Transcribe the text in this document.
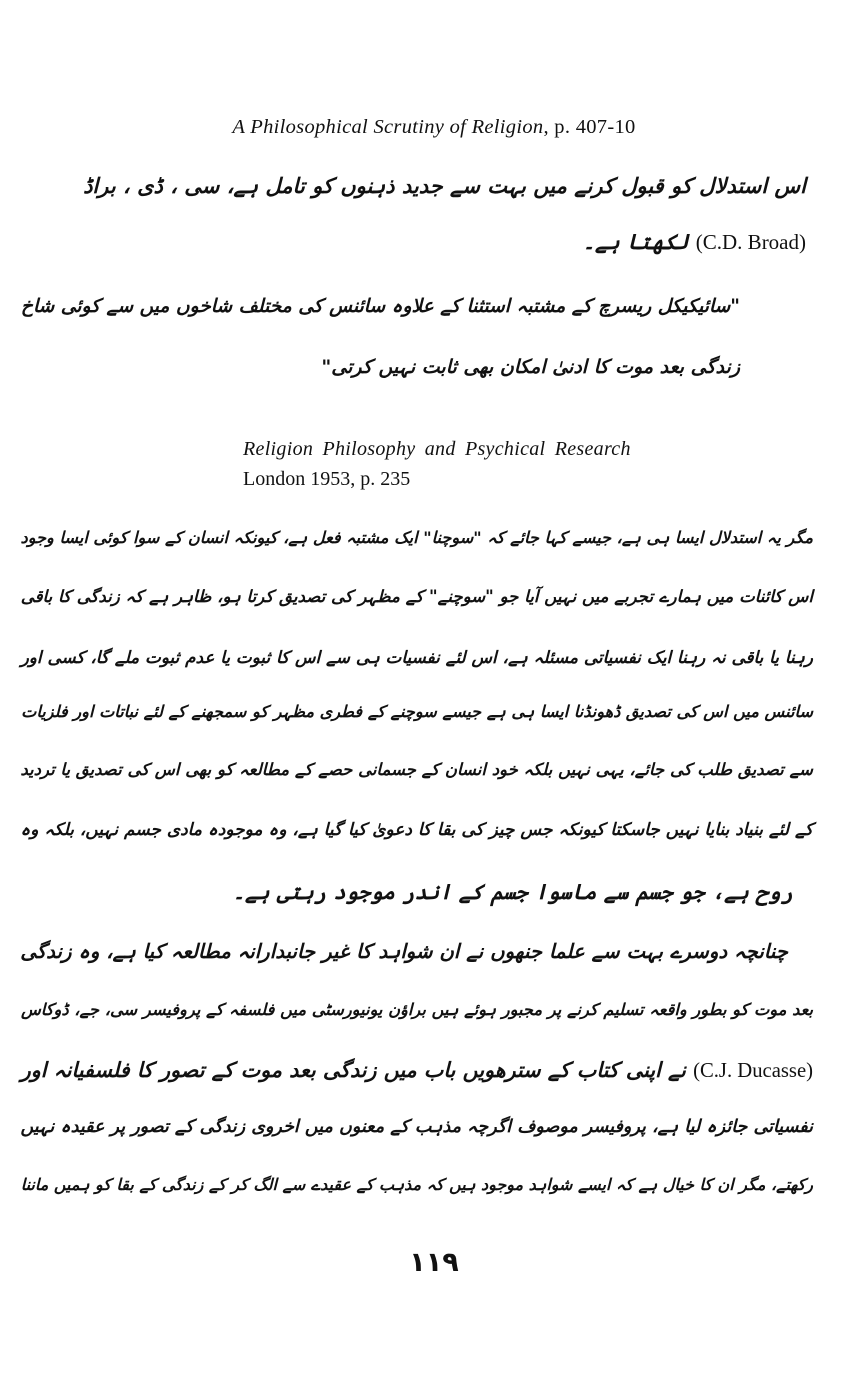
A Philosophical Scrutiny of Religion, p. 407-10
اس استدلال کو قبول کرنے میں بہت سے جدید ذہنوں کو تامل ہے، سی ، ڈی ، براڈ
(C.D. Broad) لکھتا ہے۔
"سائیکیکل ریسرچ کے مشتبہ استثنا کے علاوہ سائنس کی مختلف شاخوں میں سے کوئی شاخ
زندگی بعد موت کا ادنیٰ امکان بھی ثابت نہیں کرتی"
Religion Philosophy and Psychical Research
London 1953, p. 235
مگر یہ استدلال ایسا ہی ہے، جیسے کہا جائے کہ "سوچنا" ایک مشتبہ فعل ہے، کیونکہ انسان کے سوا کوئی ایسا وجود
اس کائنات میں ہمارے تجربے میں نہیں آیا جو "سوچنے" کے مظہر کی تصدیق کرتا ہو، ظاہر ہے کہ زندگی کا باقی
رہنا یا باقی نہ رہنا ایک نفسیاتی مسئلہ ہے، اس لئے نفسیات ہی سے اس کا ثبوت یا عدم ثبوت ملے گا، کسی اور
سائنس میں اس کی تصدیق ڈھونڈنا ایسا ہی ہے جیسے سوچنے کے فطری مظہر کو سمجھنے کے لئے نباتات اور فلزیات
سے تصدیق طلب کی جائے، یہی نہیں بلکہ خود انسان کے جسمانی حصے کے مطالعہ کو بھی اس کی تصدیق یا تردید
کے لئے بنیاد بنایا نہیں جاسکتا کیونکہ جس چیز کی بقا کا دعویٰ کیا گیا ہے، وہ موجودہ مادی جسم نہیں، بلکہ وہ
روح ہے، جو جسم سے ماسوا جسم کے اندر موجود رہتی ہے۔
چنانچہ دوسرے بہت سے علما جنھوں نے ان شواہد کا غیر جانبدارانہ مطالعہ کیا ہے، وہ زندگی
بعد موت کو بطور واقعہ تسلیم کرنے پر مجبور ہوئے ہیں براؤن یونیورسٹی میں فلسفہ کے پروفیسر سی، جے، ڈوکاس
(C.J. Ducasse) نے اپنی کتاب کے سترھویں باب میں زندگی بعد موت کے تصور کا فلسفیانہ اور
نفسیاتی جائزہ لیا ہے، پروفیسر موصوف اگرچہ مذہب کے معنوں میں اخروی زندگی کے تصور پر عقیدہ نہیں
رکھتے، مگر ان کا خیال ہے کہ ایسے شواہد موجود ہیں کہ مذہب کے عقیدے سے الگ کر کے زندگی کے بقا کو ہمیں ماننا
۱۱۹
